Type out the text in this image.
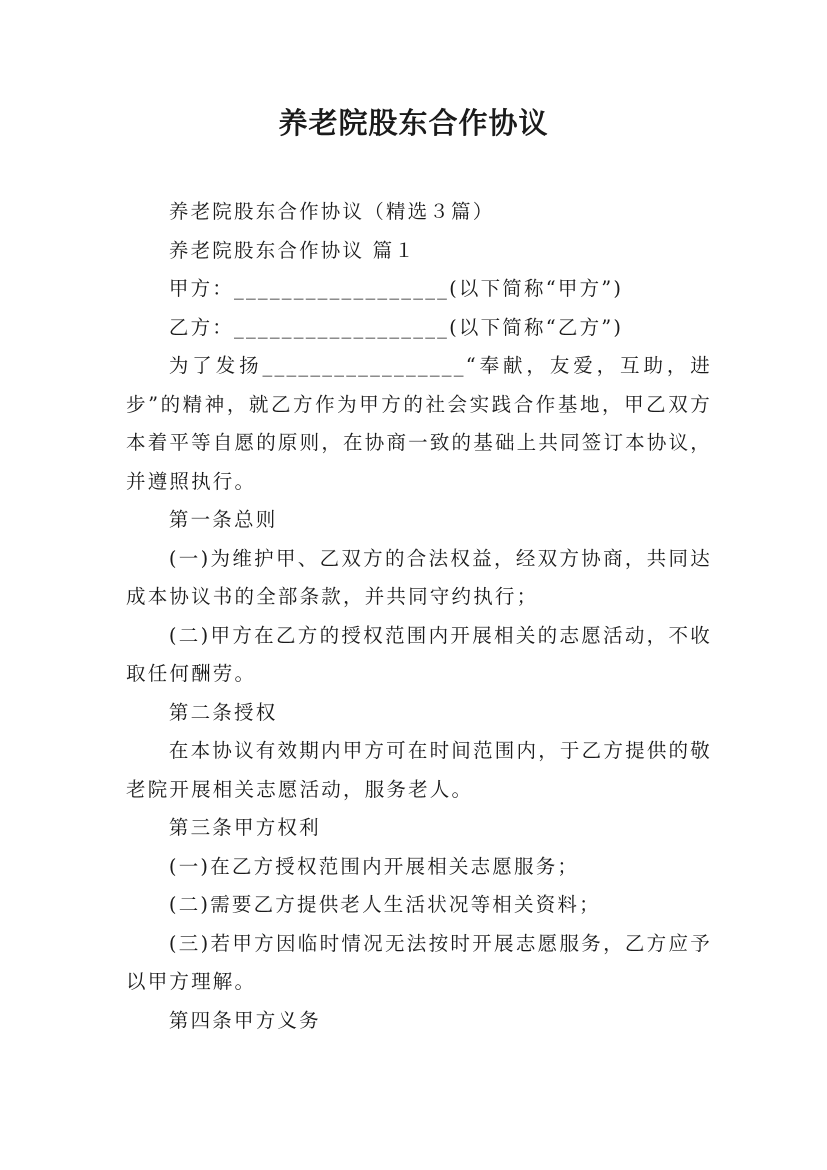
养老院股东合作协议

养老院股东合作协议（精选３篇）

养老院股东合作协议 篇１

甲方：__________________(以下简称“甲方”)

乙方：__________________(以下简称“乙方”)

为了发扬_________________“奉献，友爱，互助，进步”的精神，就乙方作为甲方的社会实践合作基地，甲乙双方本着平等自愿的原则，在协商一致的基础上共同签订本协议，并遵照执行。

第一条总则

(一)为维护甲、乙双方的合法权益，经双方协商，共同达成本协议书的全部条款，并共同守约执行；

(二)甲方在乙方的授权范围内开展相关的志愿活动，不收取任何酬劳。

第二条授权

在本协议有效期内甲方可在时间范围内，于乙方提供的敬老院开展相关志愿活动，服务老人。

第三条甲方权利

(一)在乙方授权范围内开展相关志愿服务；

(二)需要乙方提供老人生活状况等相关资料；

(三)若甲方因临时情况无法按时开展志愿服务，乙方应予以甲方理解。

第四条甲方义务
